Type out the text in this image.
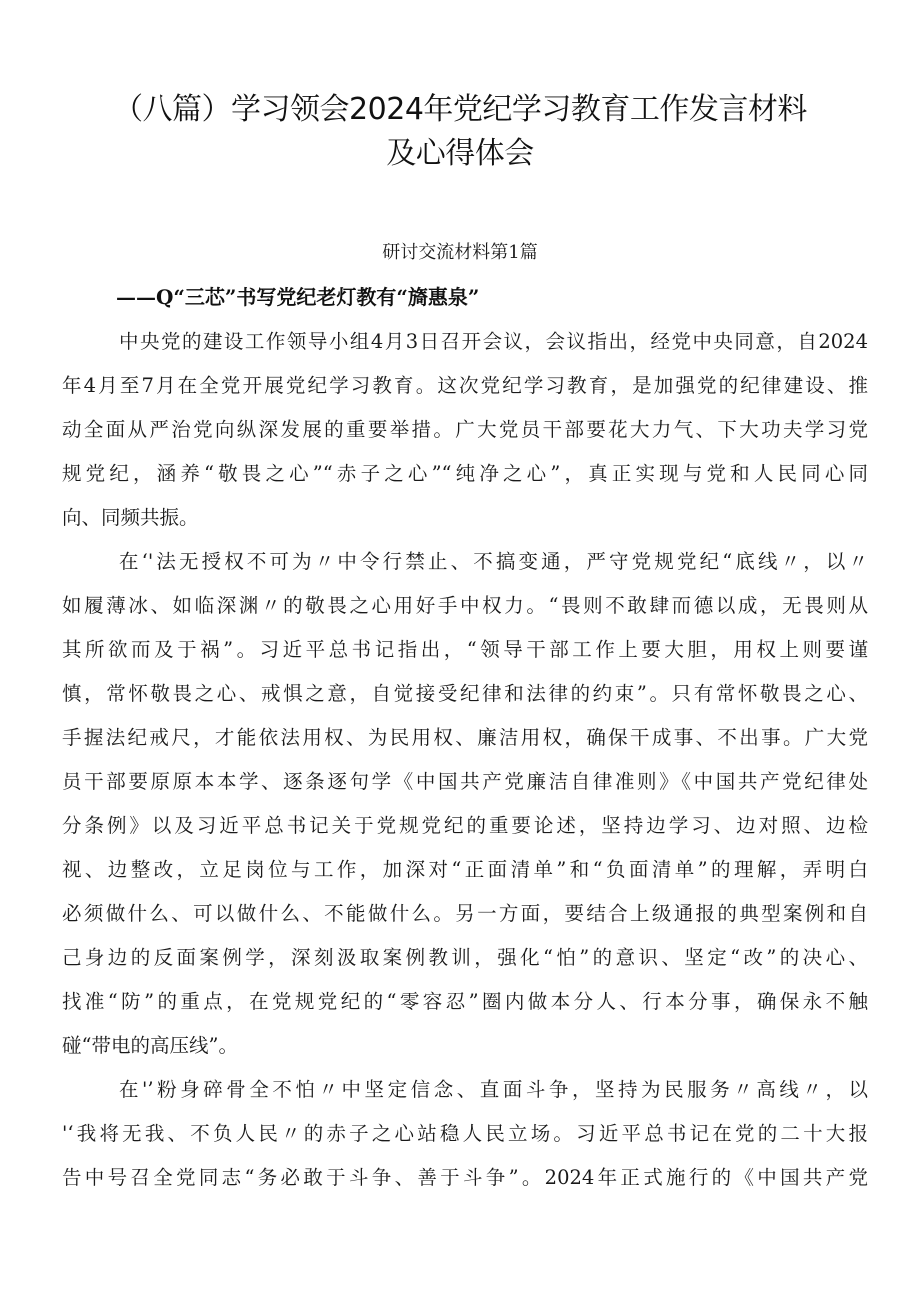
（八篇）学习领会2024年党纪学习教育工作发言材料
及心得体会
研讨交流材料第1篇
——Q“三芯”书写党纪老灯教有“旖惠泉”
中央党的建设工作领导小组4月3日召开会议，会议指出，经党中央同意，自2024
年4月至7月在全党开展党纪学习教育。这次党纪学习教育，是加强党的纪律建设、推
动全面从严治党向纵深发展的重要举措。广大党员干部要花大力气、下大功夫学习党
规党纪，涵养“敬畏之心”“赤子之心”“纯净之心”，真正实现与党和人民同心同
向、同频共振。
在‘'法无授权不可为〃中令行禁止、不搞变通，严守党规党纪“底线〃，以〃
如履薄冰、如临深渊〃的敬畏之心用好手中权力。“畏则不敢肆而德以成，无畏则从
其所欲而及于祸”。习近平总书记指出，“领导干部工作上要大胆，用权上则要谨
慎，常怀敬畏之心、戒惧之意，自觉接受纪律和法律的约束”。只有常怀敬畏之心、
手握法纪戒尺，才能依法用权、为民用权、廉洁用权，确保干成事、不出事。广大党
员干部要原原本本学、逐条逐句学《中国共产党廉洁自律准则》《中国共产党纪律处
分条例》以及习近平总书记关于党规党纪的重要论述，坚持边学习、边对照、边检
视、边整改，立足岗位与工作，加深对“正面清单”和“负面清单”的理解，弄明白
必须做什么、可以做什么、不能做什么。另一方面，要结合上级通报的典型案例和自
己身边的反面案例学，深刻汲取案例教训，强化“怕”的意识、坚定“改”的决心、
找准“防”的重点，在党规党纪的“零容忍”圈内做本分人、行本分事，确保永不触
碰“带电的高压线”。
在'’粉身碎骨全不怕〃中坚定信念、直面斗争，坚持为民服务〃高线〃，以
'‘我将无我、不负人民〃的赤子之心站稳人民立场。习近平总书记在党的二十大报
告中号召全党同志“务必敢于斗争、善于斗争”。2024年正式施行的《中国共产党
